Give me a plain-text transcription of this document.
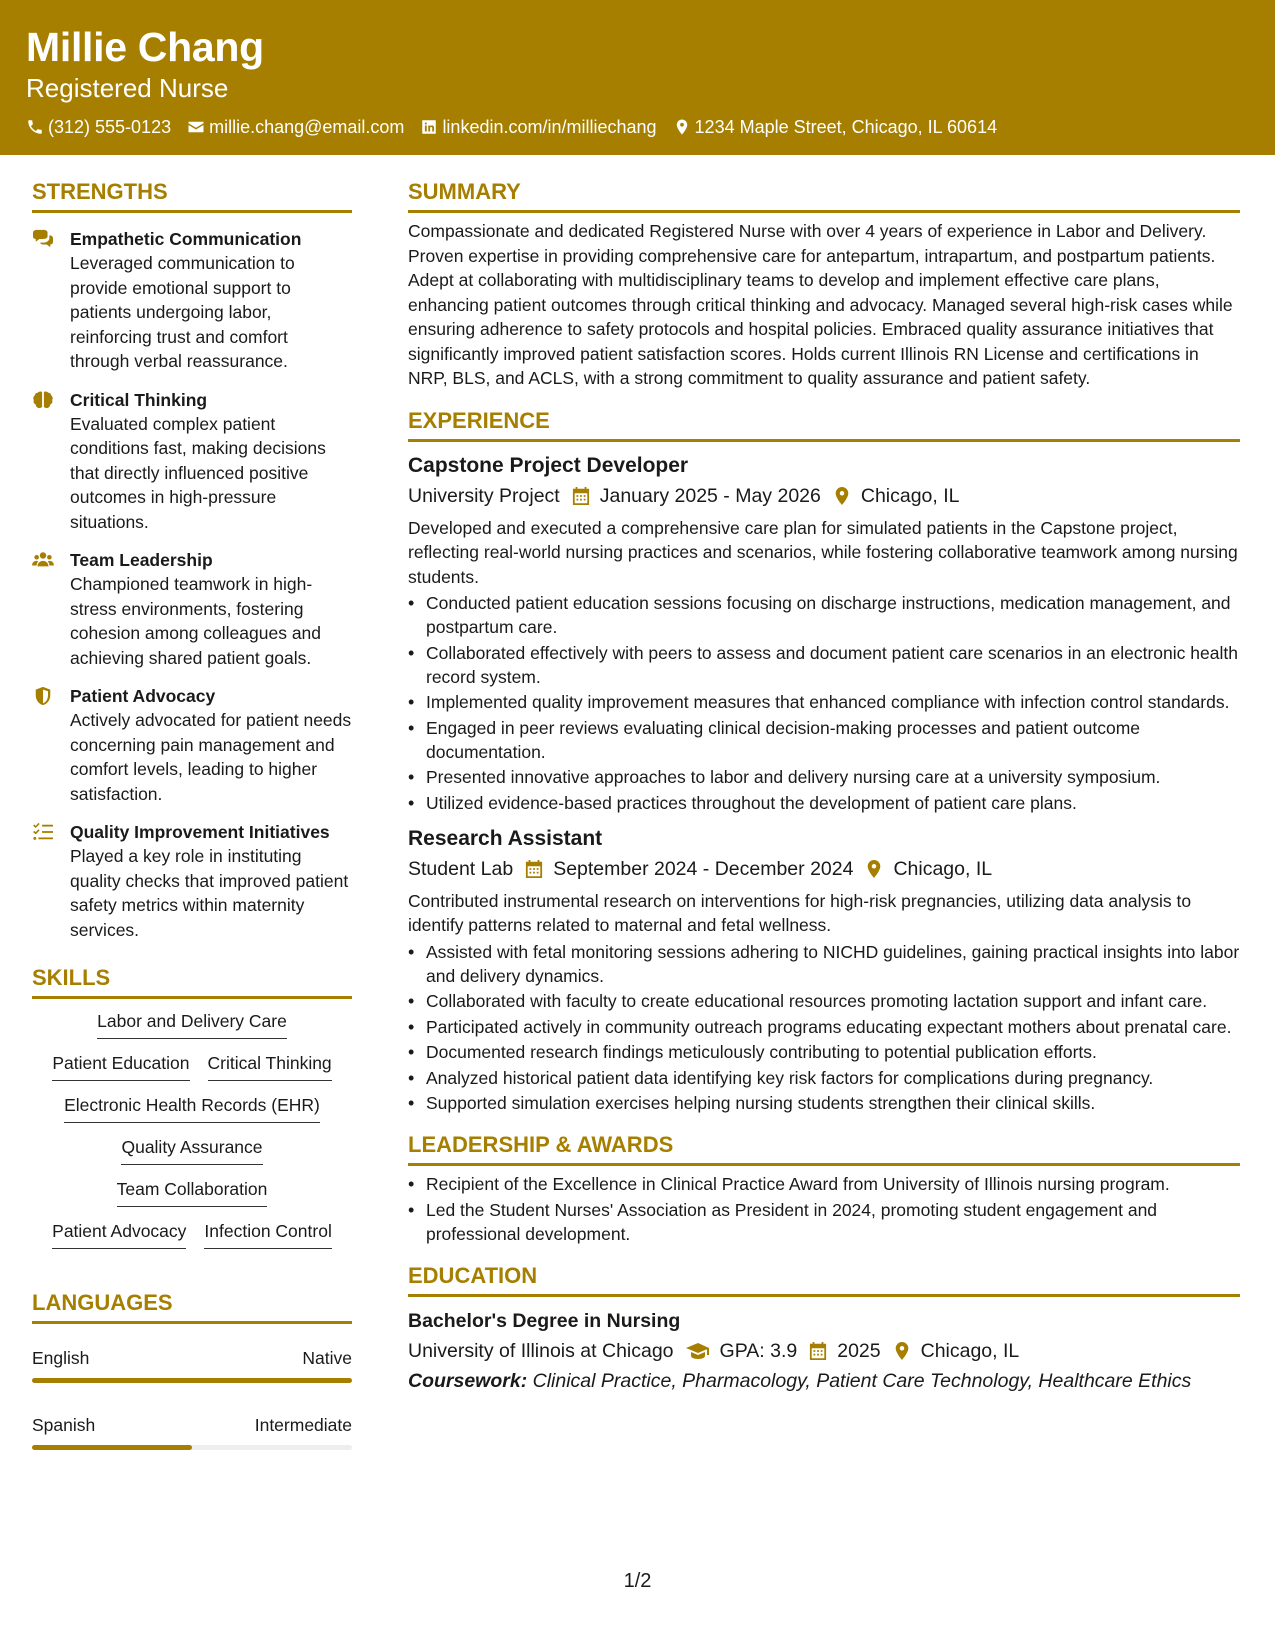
Millie Chang
Registered Nurse
(312) 555-0123 millie.chang@email.com linkedin.com/in/milliechang 1234 Maple Street, Chicago, IL 60614
STRENGTHS
Empathetic Communication
Leveraged communication to provide emotional support to patients undergoing labor, reinforcing trust and comfort through verbal reassurance.
Critical Thinking
Evaluated complex patient conditions fast, making decisions that directly influenced positive outcomes in high-pressure situations.
Team Leadership
Championed teamwork in high-stress environments, fostering cohesion among colleagues and achieving shared patient goals.
Patient Advocacy
Actively advocated for patient needs concerning pain management and comfort levels, leading to higher satisfaction.
Quality Improvement Initiatives
Played a key role in instituting quality checks that improved patient safety metrics within maternity services.
SKILLS
Labor and Delivery Care
Patient Education Critical Thinking
Electronic Health Records (EHR)
Quality Assurance
Team Collaboration
Patient Advocacy Infection Control
LANGUAGES
English	Native
Spanish	Intermediate
SUMMARY
Compassionate and dedicated Registered Nurse with over 4 years of experience in Labor and Delivery. Proven expertise in providing comprehensive care for antepartum, intrapartum, and postpartum patients. Adept at collaborating with multidisciplinary teams to develop and implement effective care plans, enhancing patient outcomes through critical thinking and advocacy. Managed several high-risk cases while ensuring adherence to safety protocols and hospital policies. Embraced quality assurance initiatives that significantly improved patient satisfaction scores. Holds current Illinois RN License and certifications in NRP, BLS, and ACLS, with a strong commitment to quality assurance and patient safety.
EXPERIENCE
Capstone Project Developer
University Project January 2025 - May 2026 Chicago, IL
Developed and executed a comprehensive care plan for simulated patients in the Capstone project, reflecting real-world nursing practices and scenarios, while fostering collaborative teamwork among nursing students.
• Conducted patient education sessions focusing on discharge instructions, medication management, and postpartum care.
• Collaborated effectively with peers to assess and document patient care scenarios in an electronic health record system.
• Implemented quality improvement measures that enhanced compliance with infection control standards.
• Engaged in peer reviews evaluating clinical decision-making processes and patient outcome documentation.
• Presented innovative approaches to labor and delivery nursing care at a university symposium.
• Utilized evidence-based practices throughout the development of patient care plans.
Research Assistant
Student Lab September 2024 - December 2024 Chicago, IL
Contributed instrumental research on interventions for high-risk pregnancies, utilizing data analysis to identify patterns related to maternal and fetal wellness.
• Assisted with fetal monitoring sessions adhering to NICHD guidelines, gaining practical insights into labor and delivery dynamics.
• Collaborated with faculty to create educational resources promoting lactation support and infant care.
• Participated actively in community outreach programs educating expectant mothers about prenatal care.
• Documented research findings meticulously contributing to potential publication efforts.
• Analyzed historical patient data identifying key risk factors for complications during pregnancy.
• Supported simulation exercises helping nursing students strengthen their clinical skills.
LEADERSHIP & AWARDS
• Recipient of the Excellence in Clinical Practice Award from University of Illinois nursing program.
• Led the Student Nurses' Association as President in 2024, promoting student engagement and professional development.
EDUCATION
Bachelor's Degree in Nursing
University of Illinois at Chicago GPA: 3.9 2025 Chicago, IL
Coursework: Clinical Practice, Pharmacology, Patient Care Technology, Healthcare Ethics
1/2
